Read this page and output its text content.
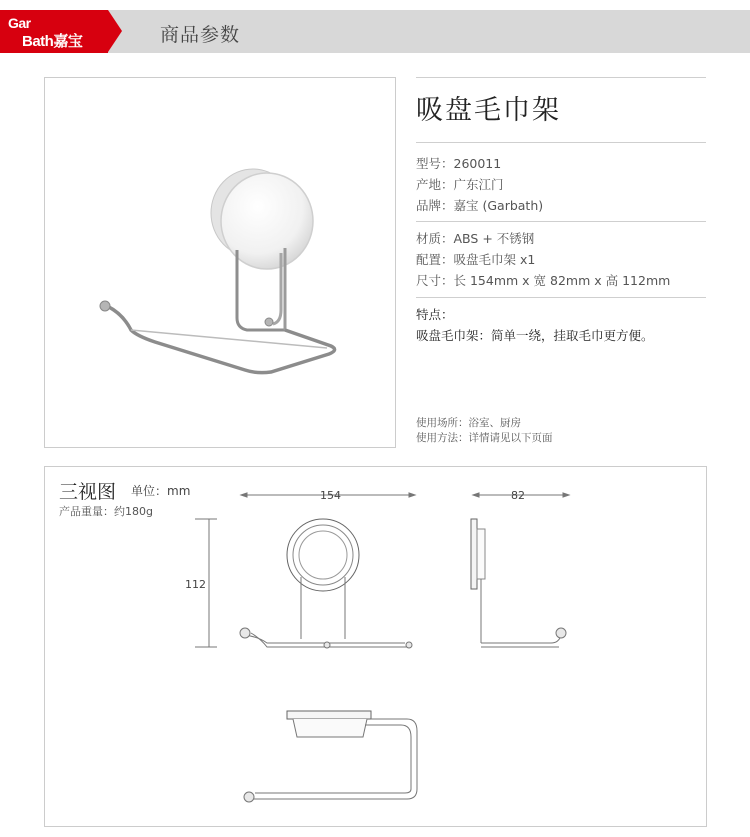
Gar
Bath嘉宝	商品参数
吸盘毛巾架
型号：260011
产地：广东江门
品牌：嘉宝 (Garbath)
材质：ABS + 不锈钢
配置：吸盘毛巾架 x1
尺寸：长 154mm x 宽 82mm x 高 112mm
特点：
吸盘毛巾架：简单一绕，挂取毛巾更方便。
使用场所：浴室、厨房
使用方法：详情请见以下页面
三视图 单位：mm
产品重量：约180g
154	82
112
